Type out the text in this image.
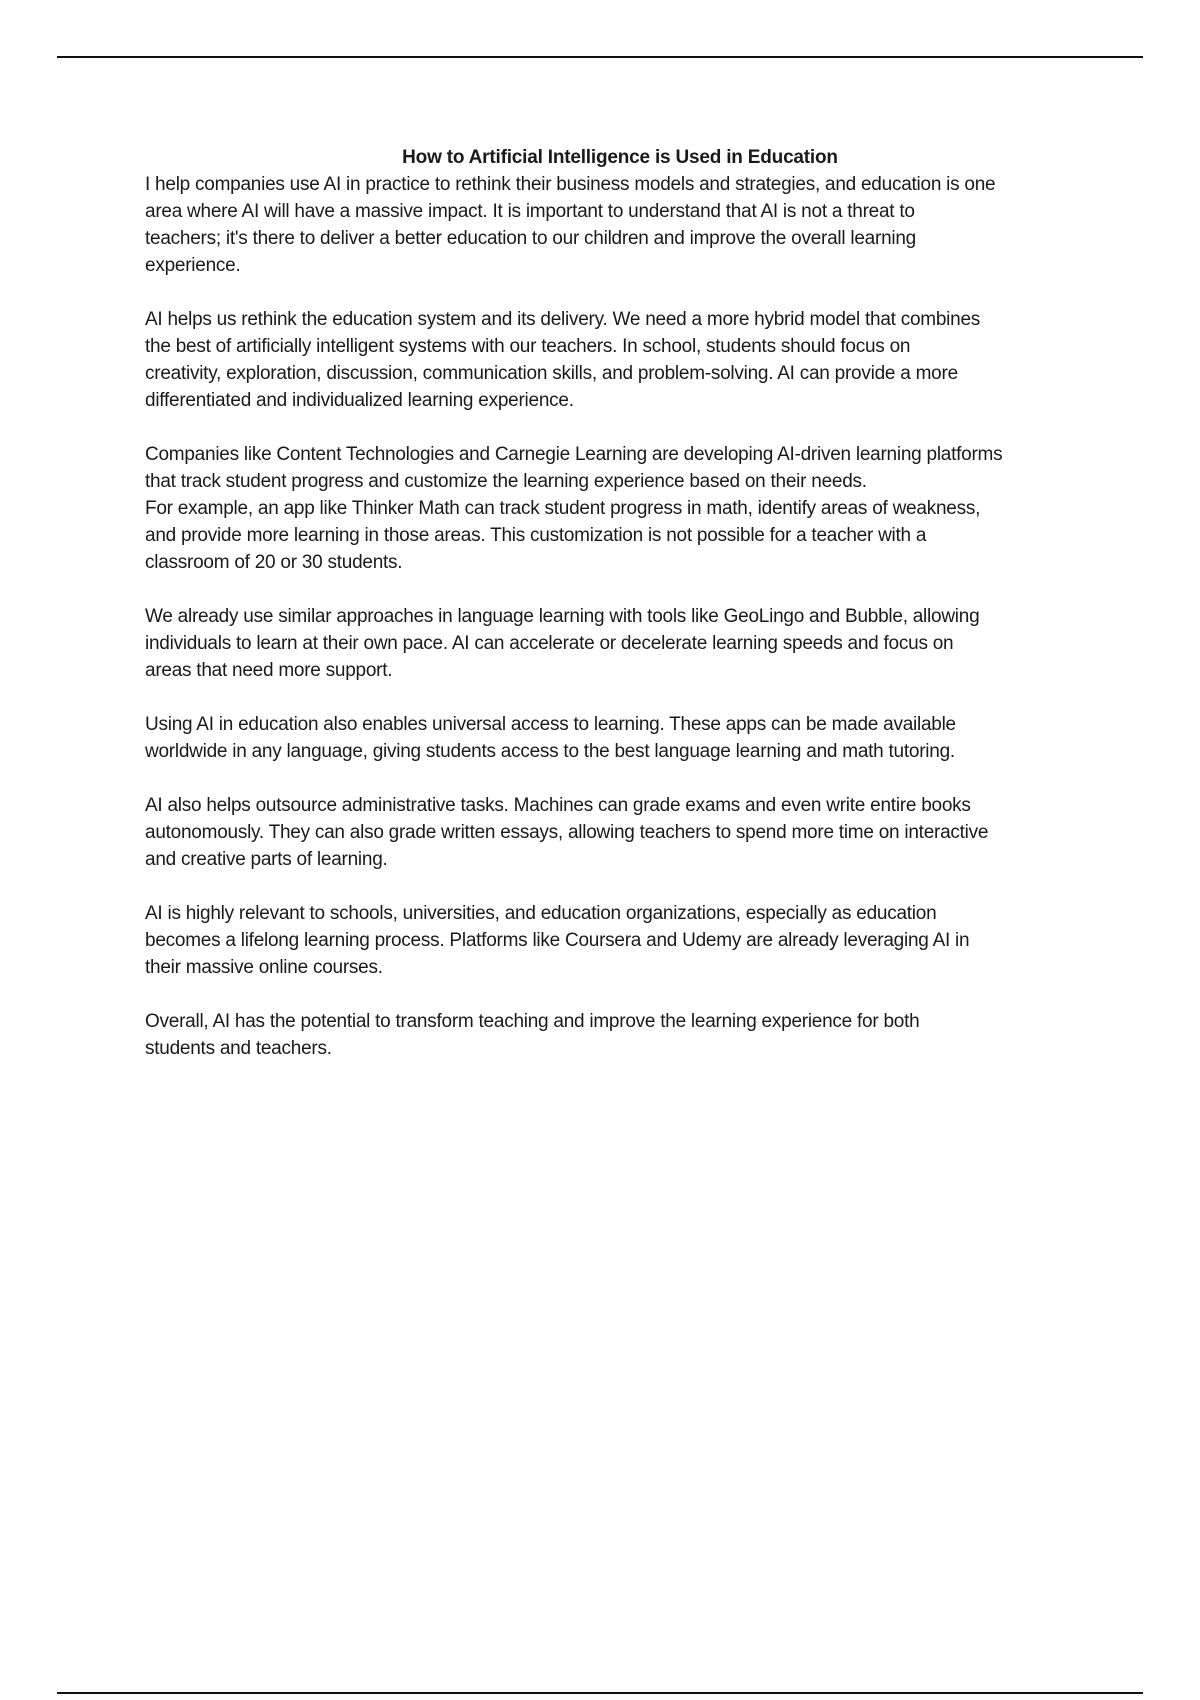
How to Artificial Intelligence is Used in Education

I help companies use AI in practice to rethink their business models and strategies, and education is one
area where AI will have a massive impact. It is important to understand that AI is not a threat to
teachers; it's there to deliver a better education to our children and improve the overall learning
experience.

AI helps us rethink the education system and its delivery. We need a more hybrid model that combines
the best of artificially intelligent systems with our teachers. In school, students should focus on
creativity, exploration, discussion, communication skills, and problem-solving. AI can provide a more
differentiated and individualized learning experience.

Companies like Content Technologies and Carnegie Learning are developing AI-driven learning platforms
that track student progress and customize the learning experience based on their needs.
For example, an app like Thinker Math can track student progress in math, identify areas of weakness,
and provide more learning in those areas. This customization is not possible for a teacher with a
classroom of 20 or 30 students.

We already use similar approaches in language learning with tools like GeoLingo and Bubble, allowing
individuals to learn at their own pace. AI can accelerate or decelerate learning speeds and focus on
areas that need more support.

Using AI in education also enables universal access to learning. These apps can be made available
worldwide in any language, giving students access to the best language learning and math tutoring.

AI also helps outsource administrative tasks. Machines can grade exams and even write entire books
autonomously. They can also grade written essays, allowing teachers to spend more time on interactive
and creative parts of learning.

AI is highly relevant to schools, universities, and education organizations, especially as education
becomes a lifelong learning process. Platforms like Coursera and Udemy are already leveraging AI in
their massive online courses.

Overall, AI has the potential to transform teaching and improve the learning experience for both
students and teachers.
